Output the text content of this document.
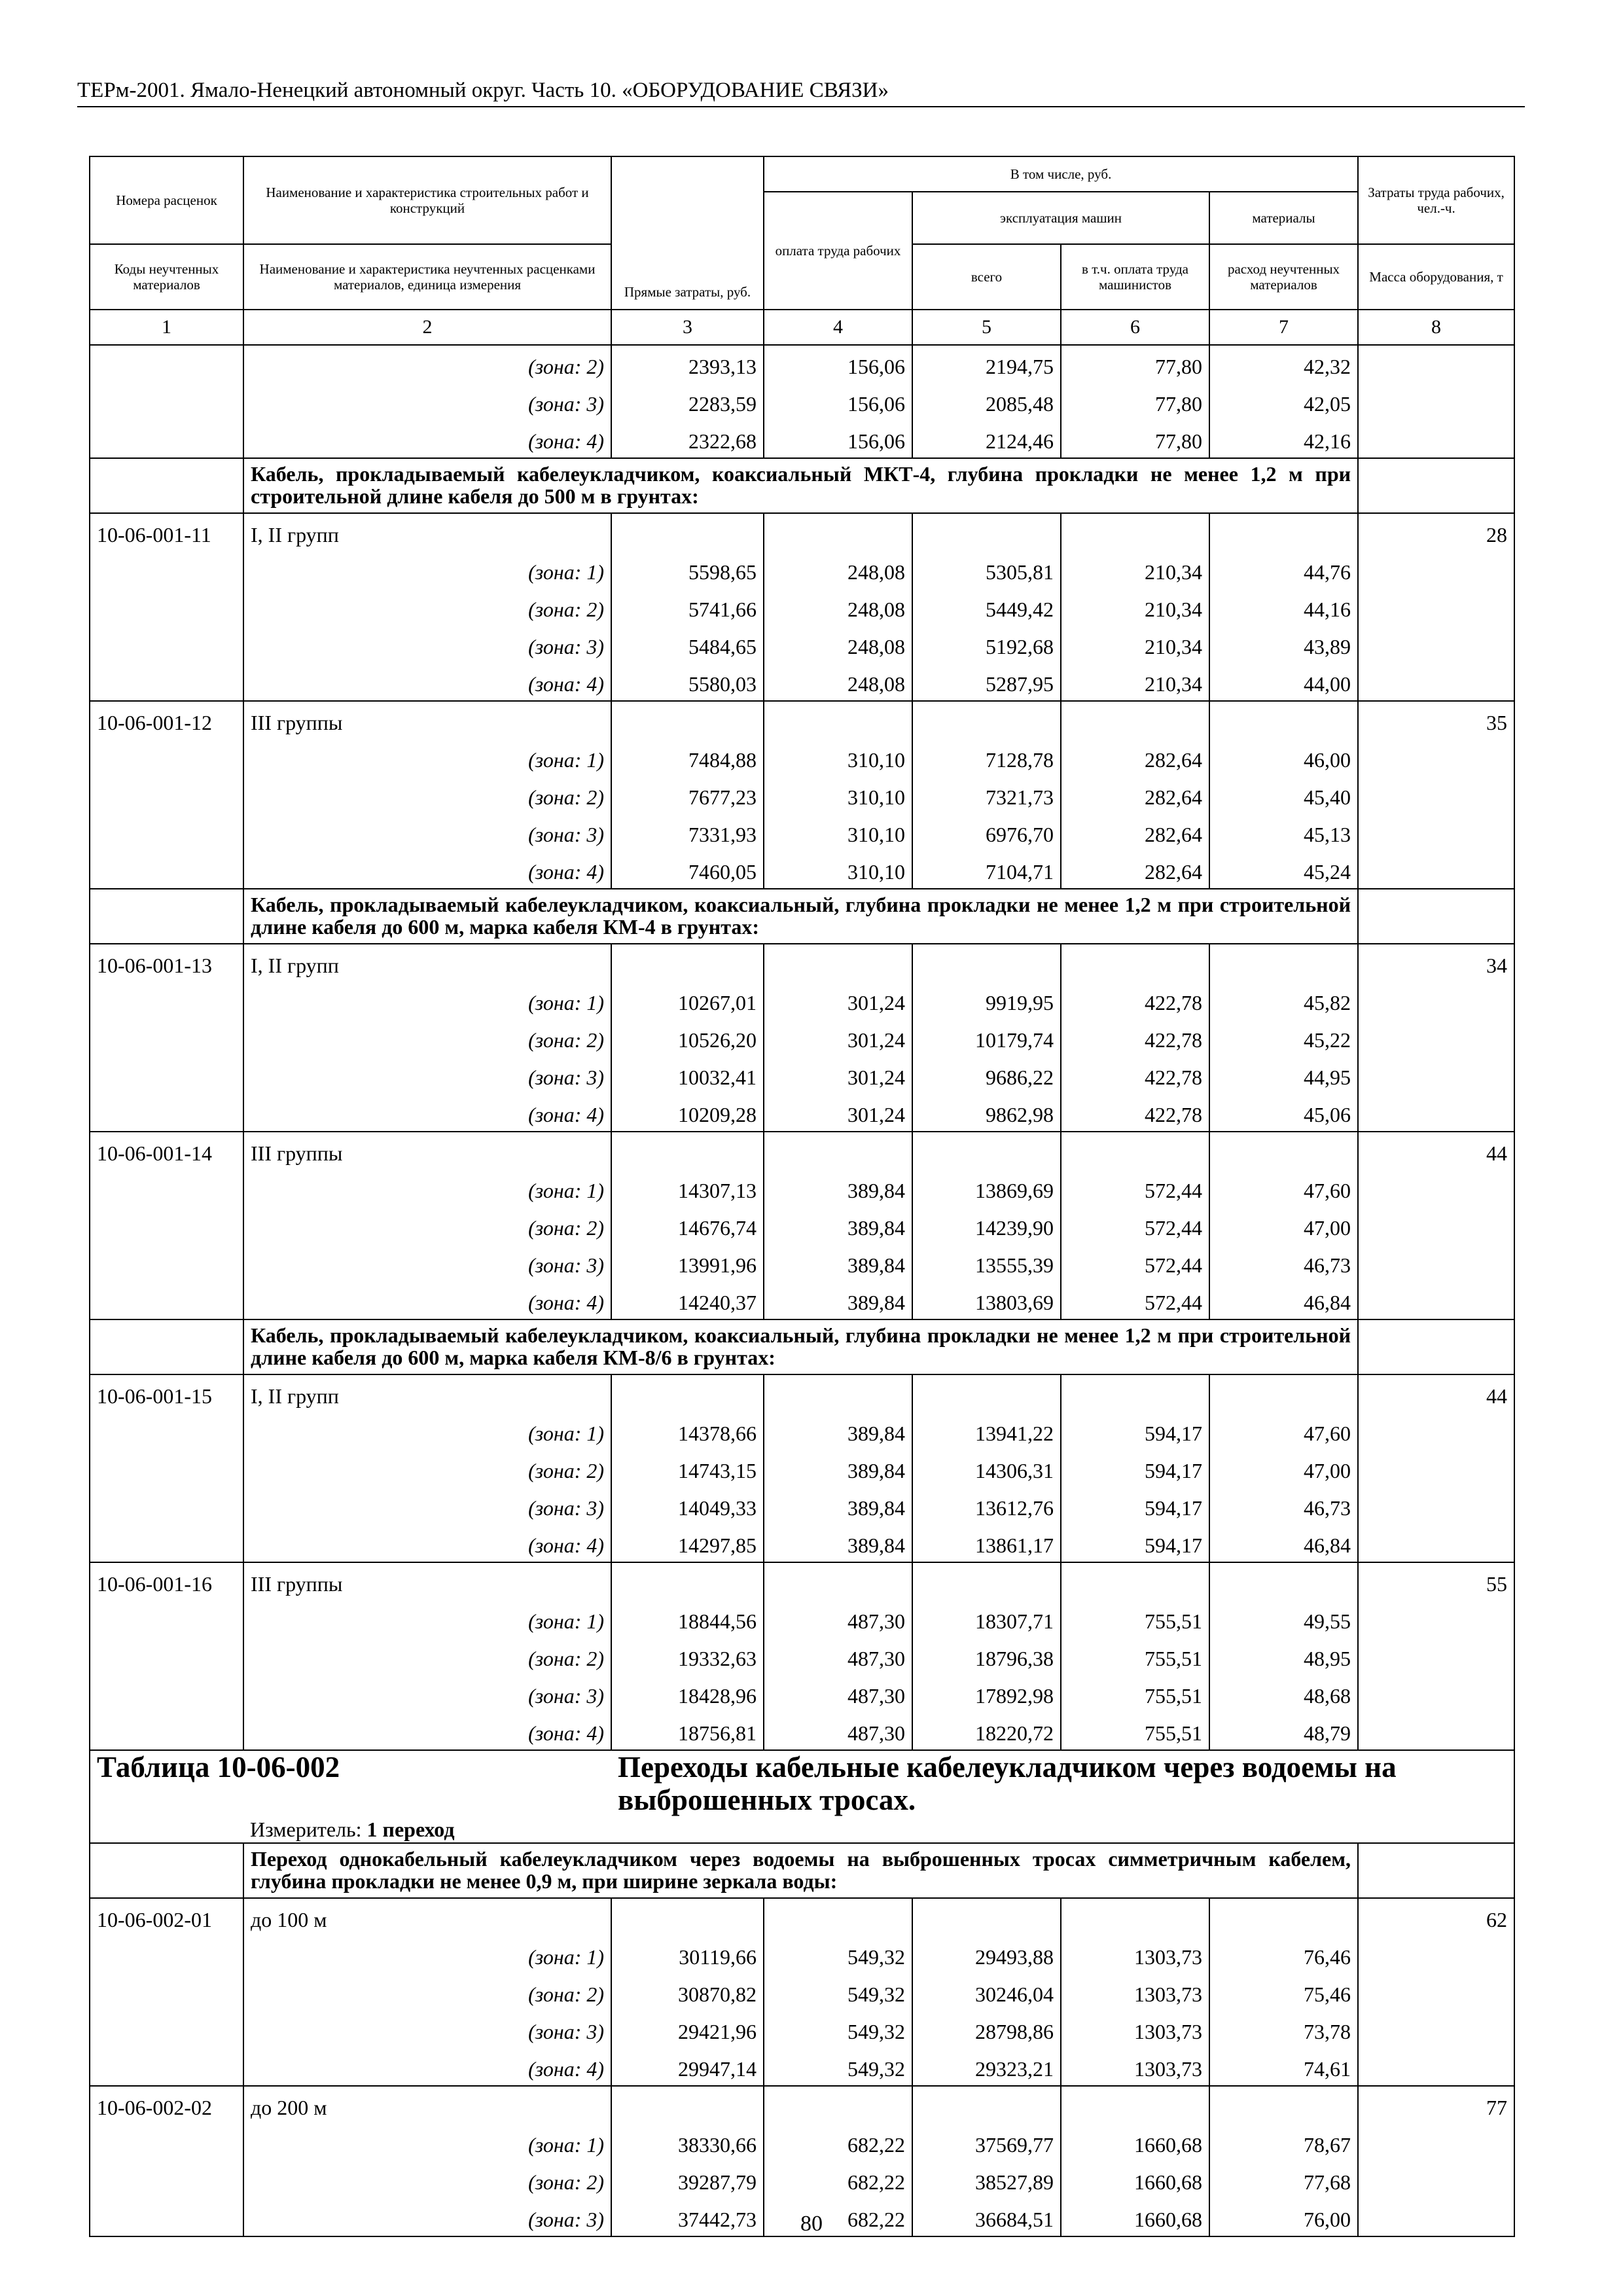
ТЕРм-2001. Ямало-Ненецкий автономный округ. Часть 10. «ОБОРУДОВАНИЕ СВЯЗИ»
Номера расценок	Наименование и характеристика строительных работ и конструкций	Прямые затраты, руб.	В том числе, руб.				Затраты труда рабочих, чел.-ч.
			оплата труда рабочих	эксплуатация машин		материалы	
Коды неучтенных материалов	Наименование и характеристика неучтенных расценками материалов, единица измерения			всего	в т.ч. оплата труда машинистов	расход неучтенных материалов	Масса оборудования, т
1	2	3	4	5	6	7	8
	(зона: 2)	2393,13	156,06	2194,75	77,80	42,32	
	(зона: 3)	2283,59	156,06	2085,48	77,80	42,05	
	(зона: 4)	2322,68	156,06	2124,46	77,80	42,16	
	Кабель, прокладываемый кабелеукладчиком, коаксиальный МКТ-4, глубина прокладки не менее 1,2 м при строительной длине кабеля до 500 м в грунтах:						
10-06-001-11	I, II групп						28
	(зона: 1)	5598,65	248,08	5305,81	210,34	44,76	
	(зона: 2)	5741,66	248,08	5449,42	210,34	44,16	
	(зона: 3)	5484,65	248,08	5192,68	210,34	43,89	
	(зона: 4)	5580,03	248,08	5287,95	210,34	44,00	
10-06-001-12	III группы						35
	(зона: 1)	7484,88	310,10	7128,78	282,64	46,00	
	(зона: 2)	7677,23	310,10	7321,73	282,64	45,40	
	(зона: 3)	7331,93	310,10	6976,70	282,64	45,13	
	(зона: 4)	7460,05	310,10	7104,71	282,64	45,24	
	Кабель, прокладываемый кабелеукладчиком, коаксиальный, глубина прокладки не менее 1,2 м при строительной длине кабеля до 600 м, марка кабеля КМ-4 в грунтах:						
10-06-001-13	I, II групп						34
	(зона: 1)	10267,01	301,24	9919,95	422,78	45,82	
	(зона: 2)	10526,20	301,24	10179,74	422,78	45,22	
	(зона: 3)	10032,41	301,24	9686,22	422,78	44,95	
	(зона: 4)	10209,28	301,24	9862,98	422,78	45,06	
10-06-001-14	III группы						44
	(зона: 1)	14307,13	389,84	13869,69	572,44	47,60	
	(зона: 2)	14676,74	389,84	14239,90	572,44	47,00	
	(зона: 3)	13991,96	389,84	13555,39	572,44	46,73	
	(зона: 4)	14240,37	389,84	13803,69	572,44	46,84	
	Кабель, прокладываемый кабелеукладчиком, коаксиальный, глубина прокладки не менее 1,2 м при строительной длине кабеля до 600 м, марка кабеля КМ-8/6 в грунтах:						
10-06-001-15	I, II групп						44
	(зона: 1)	14378,66	389,84	13941,22	594,17	47,60	
	(зона: 2)	14743,15	389,84	14306,31	594,17	47,00	
	(зона: 3)	14049,33	389,84	13612,76	594,17	46,73	
	(зона: 4)	14297,85	389,84	13861,17	594,17	46,84	
10-06-001-16	III группы						55
	(зона: 1)	18844,56	487,30	18307,71	755,51	49,55	
	(зона: 2)	19332,63	487,30	18796,38	755,51	48,95	
	(зона: 3)	18428,96	487,30	17892,98	755,51	48,68	
	(зона: 4)	18756,81	487,30	18220,72	755,51	48,79	
Таблица 10-06-002		Переходы кабельные кабелеукладчиком через водоемы на выброшенных тросах.					
	Измеритель: 1 переход						
	Переход однокабельный кабелеукладчиком через водоемы на выброшенных тросах симметричным кабелем, глубина прокладки не менее 0,9 м, при ширине зеркала воды:						
10-06-002-01	до 100 м						62
	(зона: 1)	30119,66	549,32	29493,88	1303,73	76,46	
	(зона: 2)	30870,82	549,32	30246,04	1303,73	75,46	
	(зона: 3)	29421,96	549,32	28798,86	1303,73	73,78	
	(зона: 4)	29947,14	549,32	29323,21	1303,73	74,61	
10-06-002-02	до 200 м						77
	(зона: 1)	38330,66	682,22	37569,77	1660,68	78,67	
	(зона: 2)	39287,79	682,22	38527,89	1660,68	77,68	
	(зона: 3)	37442,73	682,22	36684,51	1660,68	76,00	
80
